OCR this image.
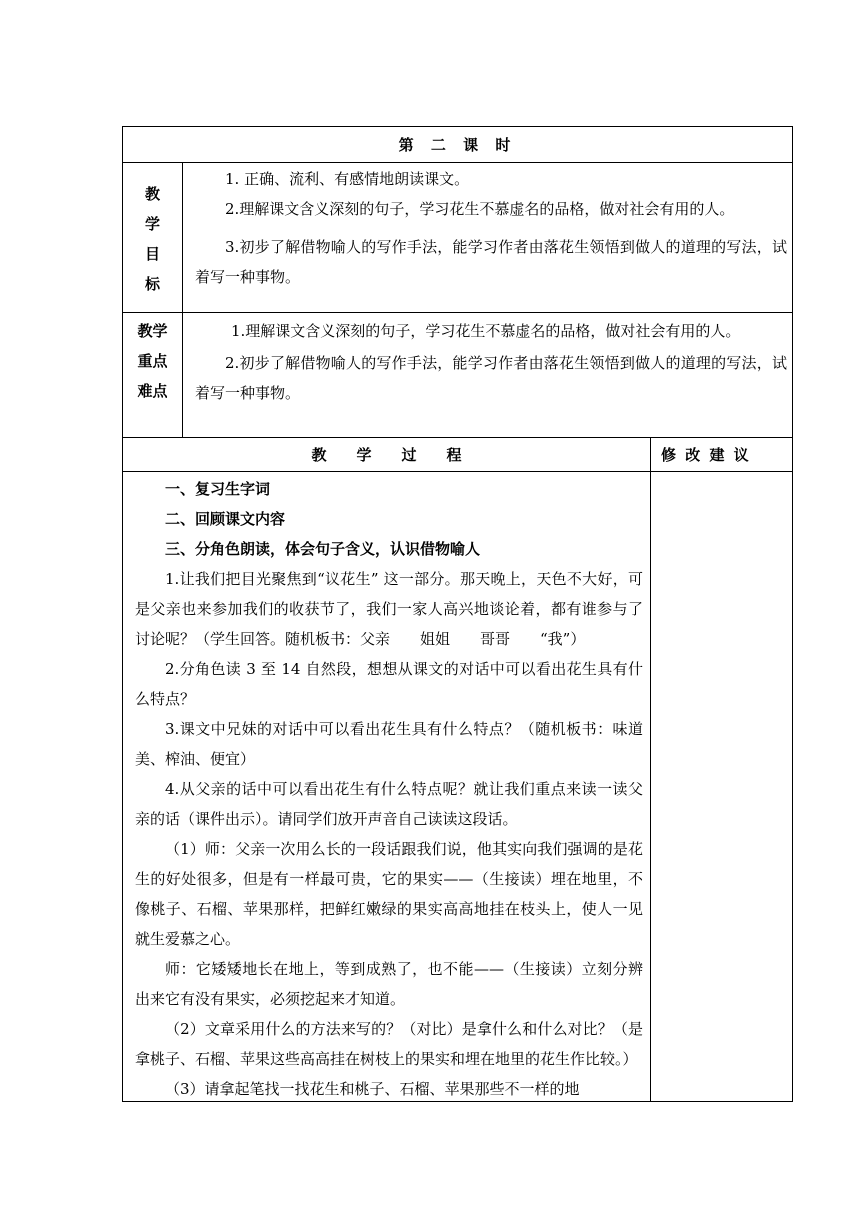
第 二 课 时
教
学
目
标

1. 正确、流利、有感情地朗读课文。

2.理解课文含义深刻的句子，学习花生不慕虚名的品格，做对社会有用的人。

3.初步了解借物喻人的写作手法，能学习作者由落花生领悟到做人的道理的写法，试着写一种事物。

教学
重点
难点

1.理解课文含义深刻的句子，学习花生不慕虚名的品格，做对社会有用的人。

2.初步了解借物喻人的写作手法，能学习作者由落花生领悟到做人的道理的写法，试着写一种事物。

教　　学　　过　　程	修 改 建 议

一、复习生字词

二、回顾课文内容

三、分角色朗读，体会句子含义，认识借物喻人

1.让我们把目光聚焦到“议花生” 这一部分。那天晚上，天色不大好，可是父亲也来参加我们的收获节了，我们一家人高兴地谈论着，都有谁参与了讨论呢？（学生回答。随机板书：父亲　　姐姐　　哥哥　　“我”）

2.分角色读 3 至 14 自然段，想想从课文的对话中可以看出花生具有什么特点？

3.课文中兄妹的对话中可以看出花生具有什么特点？（随机板书：味道美、榨油、便宜）

4.从父亲的话中可以看出花生有什么特点呢？就让我们重点来读一读父亲的话（课件出示）。请同学们放开声音自己读读这段话。

（1）师：父亲一次用么长的一段话跟我们说，他其实向我们强调的是花生的好处很多，但是有一样最可贵，它的果实——（生接读）埋在地里，不像桃子、石榴、苹果那样，把鲜红嫩绿的果实高高地挂在枝头上，使人一见就生爱慕之心。

师：它矮矮地长在地上，等到成熟了，也不能——（生接读）立刻分辨出来它有没有果实，必须挖起来才知道。

（2）文章采用什么的方法来写的？（对比）是拿什么和什么对比？（是拿桃子、石榴、苹果这些高高挂在树枝上的果实和埋在地里的花生作比较。）

（3）请拿起笔找一找花生和桃子、石榴、苹果那些不一样的地
